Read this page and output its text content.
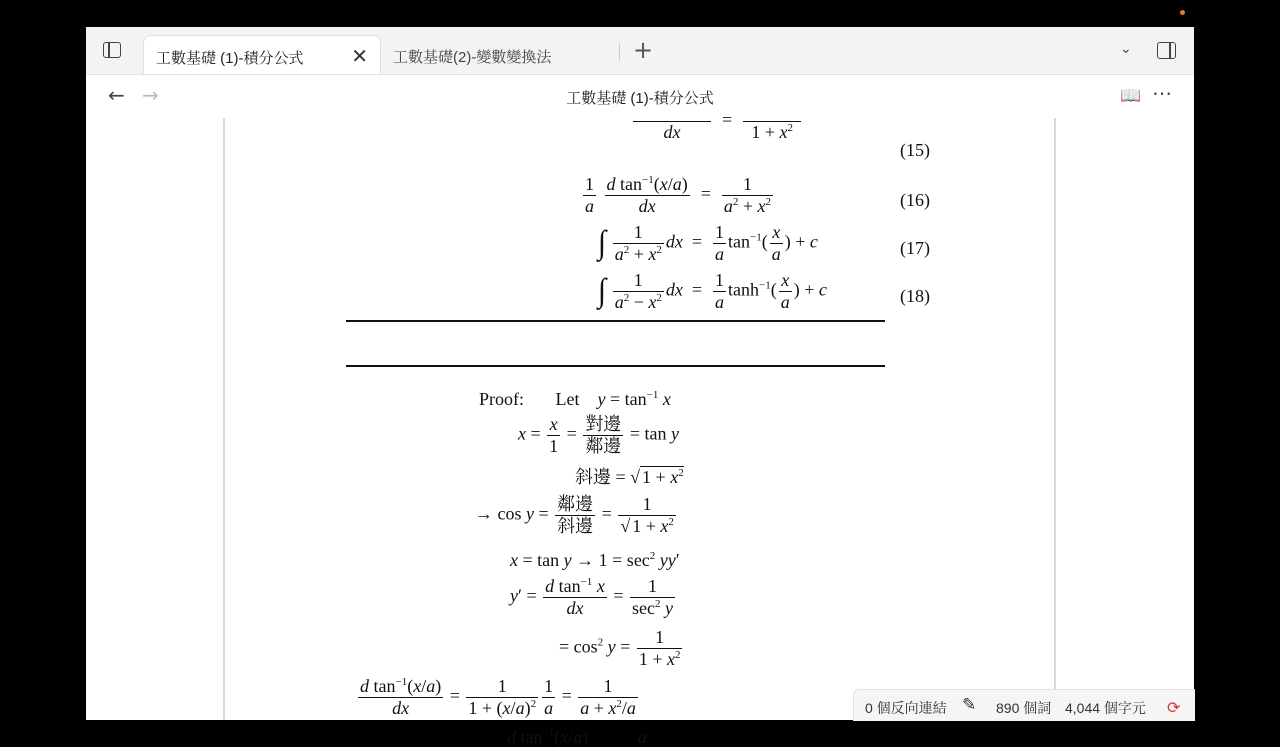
工數基礎 (1)-積分公式 ✕	工數基礎(2)-變數變換法	+	⌄
← →	工數基礎 (1)-積分公式	📖 ⋯

dx
=

$1 + x^2$
(15)
$\frac{1}{a}$
$\frac{d \tan^{-1}(x/a)}{dx} = \frac{1}{a^2 + x^2}$	(16)
∫ $\frac{1}{a^2 + x^2}$ dx  = $\frac{1}{a} \tan^{-1}( \frac{x}{a}$ ) + c	(17)
∫ $\frac{1}{a^2 - x^2}$ dx  = $\frac{1}{a} \tanh^{-1}( \frac{x}{a}$ ) + c	(18)
Proof: Let $y = \tan^{-1} x$
$x = \frac{x}{1}$ = 對邊
鄰邊
= tan y
斜邊 = √ $1 + x^2$
→ cos y = 鄰邊
斜邊
= $\frac{1}{√ 1 + x^2}$
$x = \tan y \to 1 = \sec^2 yy'$
$y' = \frac{d \tan^{-1} x}{dx}$ =	1
$\sec^2 y$
= $\cos^2 y = \frac{1}{1 + x^2}$
$\frac{d \tan^{-1}(x/a)}{dx} = \frac{1}{1 + (x/a)^2} \frac{1}{a} = \frac{1}{a + x^2/a}$
d $\tan^{-1}(x/a)$           a
0 個反向連結 ✎ 890 個詞 4,044 個字元 ⟳
